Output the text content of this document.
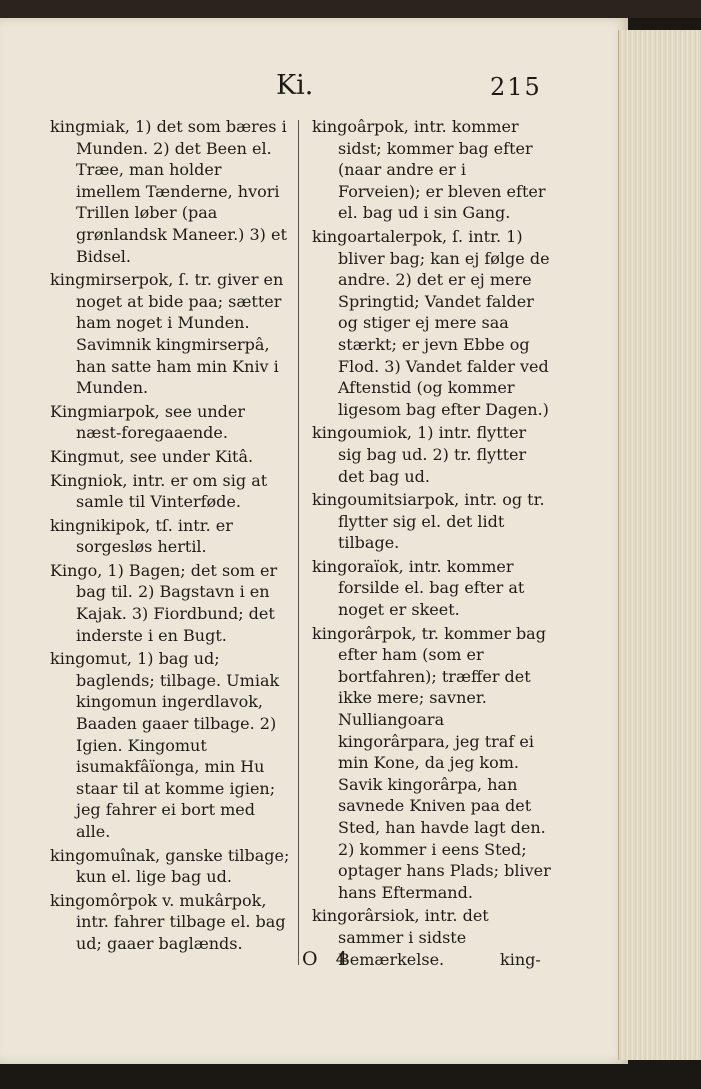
Ki.	215

kingmiak, 1) det som bæres i Munden. 2) det Been el. Træe, man holder imellem Tænderne, hvori Trillen løber (paa grønlandsk Maneer.) 3) et Bidsel.

kingmirserpok, ſ. tr. giver en noget at bide paa; sætter ham noget i Munden. Savimnik kingmirserpâ, han satte ham min Kniv i Munden.

Kingmiarpok, see under næst-foregaaende.

Kingmut, see under Kitâ.

Kingniok, intr. er om sig at samle til Vinterføde.

kingnikipok, tſ. intr. er sorgesløs hertil.

Kingo, 1) Bagen; det som er bag til. 2) Bagstavn i en Kajak. 3) Fiordbund; det inderste i en Bugt.

kingomut, 1) bag ud; baglends; tilbage. Umiak kingomun ingerdlavok, Baaden gaaer tilbage. 2) Igien. Kingomut isumakfâïonga, min Hu staar til at komme igien; jeg fahrer ei bort med alle.

kingomuînak, ganske tilbage; kun el. lige bag ud.

kingomôrpok v. mukârpok, intr. fahrer tilbage el. bag ud; gaaer baglænds.

kingoârpok, intr. kommer sidst; kommer bag efter (naar andre er i Forveien); er bleven efter el. bag ud i sin Gang.

kingoartalerpok, ſ. intr. 1) bliver bag; kan ej følge de andre. 2) det er ej mere Springtid; Vandet falder og stiger ej mere saa stærkt; er jevn Ebbe og Flod. 3) Vandet falder ved Aftenstid (og kommer ligesom bag efter Dagen.)

kingoumiok, 1) intr. flytter sig bag ud. 2) tr. flytter det bag ud.

kingoumitsiarpok, intr. og tr. flytter sig el. det lidt tilbage.

kingoraïok, intr. kommer forsilde el. bag efter at noget er skeet.

kingorârpok, tr. kommer bag efter ham (som er bortfahren); træffer det ikke mere; savner. Nulliangoara kingorârpara, jeg traf ei min Kone, da jeg kom. Savik kingorârpa, han savnede Kniven paa det Sted, han havde lagt den. 2) kommer i eens Sted; optager hans Plads; bliver hans Eftermand.

kingorârsiok, intr. det sammer i sidste Bemærkelse.

O 4	king-
